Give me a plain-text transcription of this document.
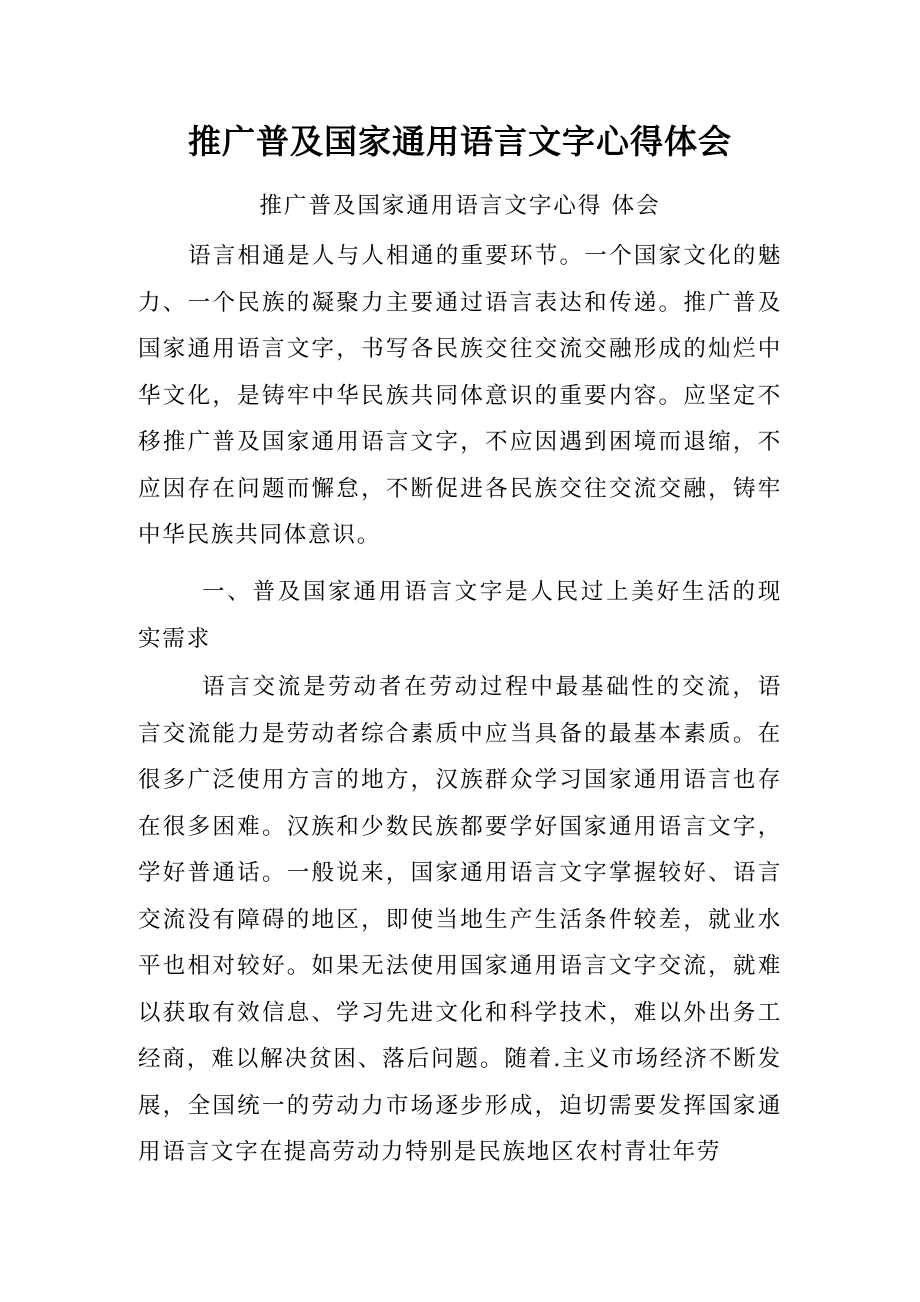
推广普及国家通用语言文字心得体会
推广普及国家通用语言文字心得 体会

语言相通是人与人相通的重要环节。一个国家文化的魅力、一个民族的凝聚力主要通过语言表达和传递。推广普及国家通用语言文字，书写各民族交往交流交融形成的灿烂中华文化，是铸牢中华民族共同体意识的重要内容。应坚定不移推广普及国家通用语言文字，不应因遇到困境而退缩，不应因存在问题而懈怠，不断促进各民族交往交流交融，铸牢中华民族共同体意识。

一、普及国家通用语言文字是人民过上美好生活的现实需求

语言交流是劳动者在劳动过程中最基础性的交流，语言交流能力是劳动者综合素质中应当具备的最基本素质。在很多广泛使用方言的地方，汉族群众学习国家通用语言也存在很多困难。汉族和少数民族都要学好国家通用语言文字，学好普通话。一般说来，国家通用语言文字掌握较好、语言交流没有障碍的地区，即使当地生产生活条件较差，就业水平也相对较好。如果无法使用国家通用语言文字交流，就难以获取有效信息、学习先进文化和科学技术，难以外出务工经商，难以解决贫困、落后问题。随着.主义市场经济不断发展，全国统一的劳动力市场逐步形成，迫切需要发挥国家通用语言文字在提高劳动力特别是民族地区农村青壮年劳
